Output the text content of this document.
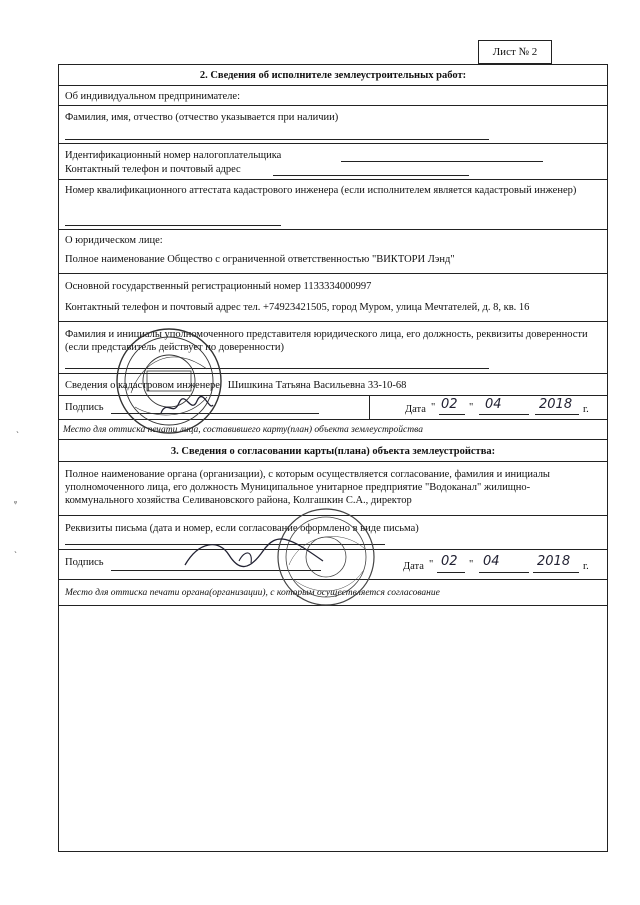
Лист № 2
2. Сведения об исполнителе землеустроительных работ:
Об индивидуальном предпринимателе:
Фамилия, имя, отчество (отчество указывается при наличии)
Идентификационный номер налогоплательщика
Контактный телефон и почтовый адрес
Номер квалификационного аттестата кадастрового инженера (если исполнителем является кадастровый инженер)
О юридическом лице:
Полное наименование Общество с ограниченной ответственностью "ВИКТОРИ Лэнд"
Основной государственный регистрационный номер 1133334000997
Контактный телефон и почтовый адрес тел. +74923421505, город Муром, улица Мечтателей, д. 8, кв. 16
Фамилия и инициалы уполномоченного представителя юридического лица, его должность, реквизиты доверенности (если представитель действует по доверенности)
Сведения о кадастровом инженере Шишкина Татьяна Васильевна 33-10-68
Подпись	Дата " 02 " 04	2018 г.
Место для оттиска печати лица, составившего карту(план) объекта землеустройства
3. Сведения о согласовании карты(плана) объекта землеустройства:
Полное наименование органа (организации), с которым осуществляется согласование, фамилия и инициалы уполномоченного лица, его должность Муниципальное унитарное предприятие "Водоканал" жилищно-коммунального хозяйства Селивановского района, Колгашкин С.А., директор
Реквизиты письма (дата и номер, если согласование оформлено в виде письма)
Подпись	Дата " 02 " 04	2018 г.
Место для оттиска печати органа(организации), с которым осуществляется согласование
ˋ
ᵠ
ˋ
